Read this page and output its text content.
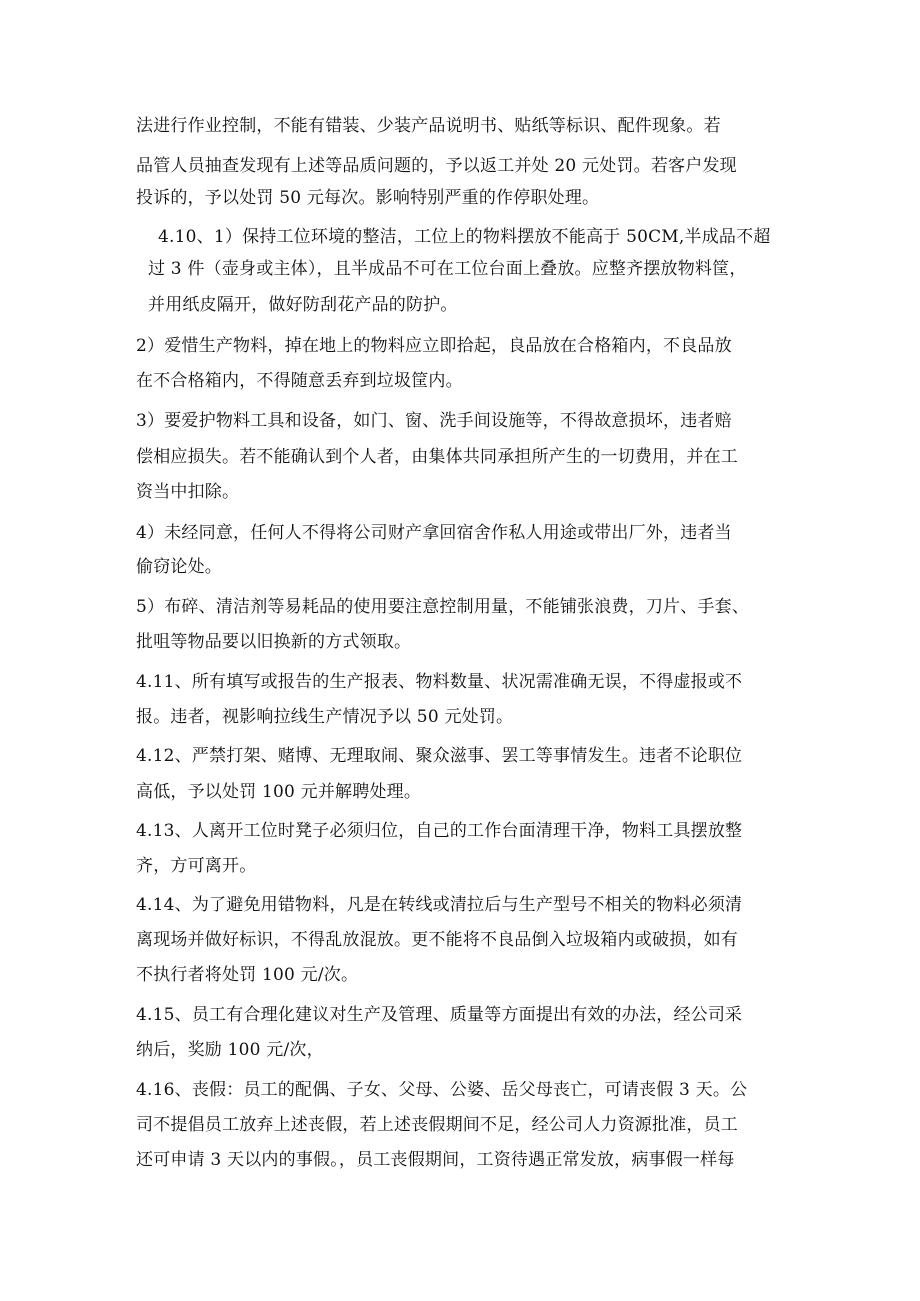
法进行作业控制，不能有错装、少装产品说明书、贴纸等标识、配件现象。若
品管人员抽查发现有上述等品质问题的，予以返工并处 20 元处罚。若客户发现
投诉的，予以处罚 50 元每次。影响特别严重的作停职处理。
4.10、1）保持工位环境的整洁，工位上的物料摆放不能高于 50CM,半成品不超
过 3 件（壶身或主体），且半成品不可在工位台面上叠放。应整齐摆放物料筐，
并用纸皮隔开，做好防刮花产品的防护。
2）爱惜生产物料，掉在地上的物料应立即拾起，良品放在合格箱内，不良品放
在不合格箱内，不得随意丢弃到垃圾筐内。
3）要爱护物料工具和设备，如门、窗、洗手间设施等，不得故意损坏，违者赔
偿相应损失。若不能确认到个人者，由集体共同承担所产生的一切费用，并在工
资当中扣除。
4）未经同意，任何人不得将公司财产拿回宿舍作私人用途或带出厂外，违者当
偷窃论处。
5）布碎、清洁剂等易耗品的使用要注意控制用量，不能铺张浪费，刀片、手套、
批咀等物品要以旧换新的方式领取。
4.11、所有填写或报告的生产报表、物料数量、状况需准确无误，不得虚报或不
报。违者，视影响拉线生产情况予以 50 元处罚。
4.12、严禁打架、赌博、无理取闹、聚众滋事、罢工等事情发生。违者不论职位
高低，予以处罚 100 元并解聘处理。
4.13、人离开工位时凳子必须归位，自己的工作台面清理干净，物料工具摆放整
齐，方可离开。
4.14、为了避免用错物料，凡是在转线或清拉后与生产型号不相关的物料必须清
离现场并做好标识，不得乱放混放。更不能将不良品倒入垃圾箱内或破损，如有
不执行者将处罚 100 元/次。
4.15、员工有合理化建议对生产及管理、质量等方面提出有效的办法，经公司采
纳后，奖励 100 元/次，
4.16、丧假：员工的配偶、子女、父母、公婆、岳父母丧亡，可请丧假 3 天。公
司不提倡员工放弃上述丧假，若上述丧假期间不足，经公司人力资源批准，员工
还可申请 3 天以内的事假。，员工丧假期间，工资待遇正常发放，病事假一样每
